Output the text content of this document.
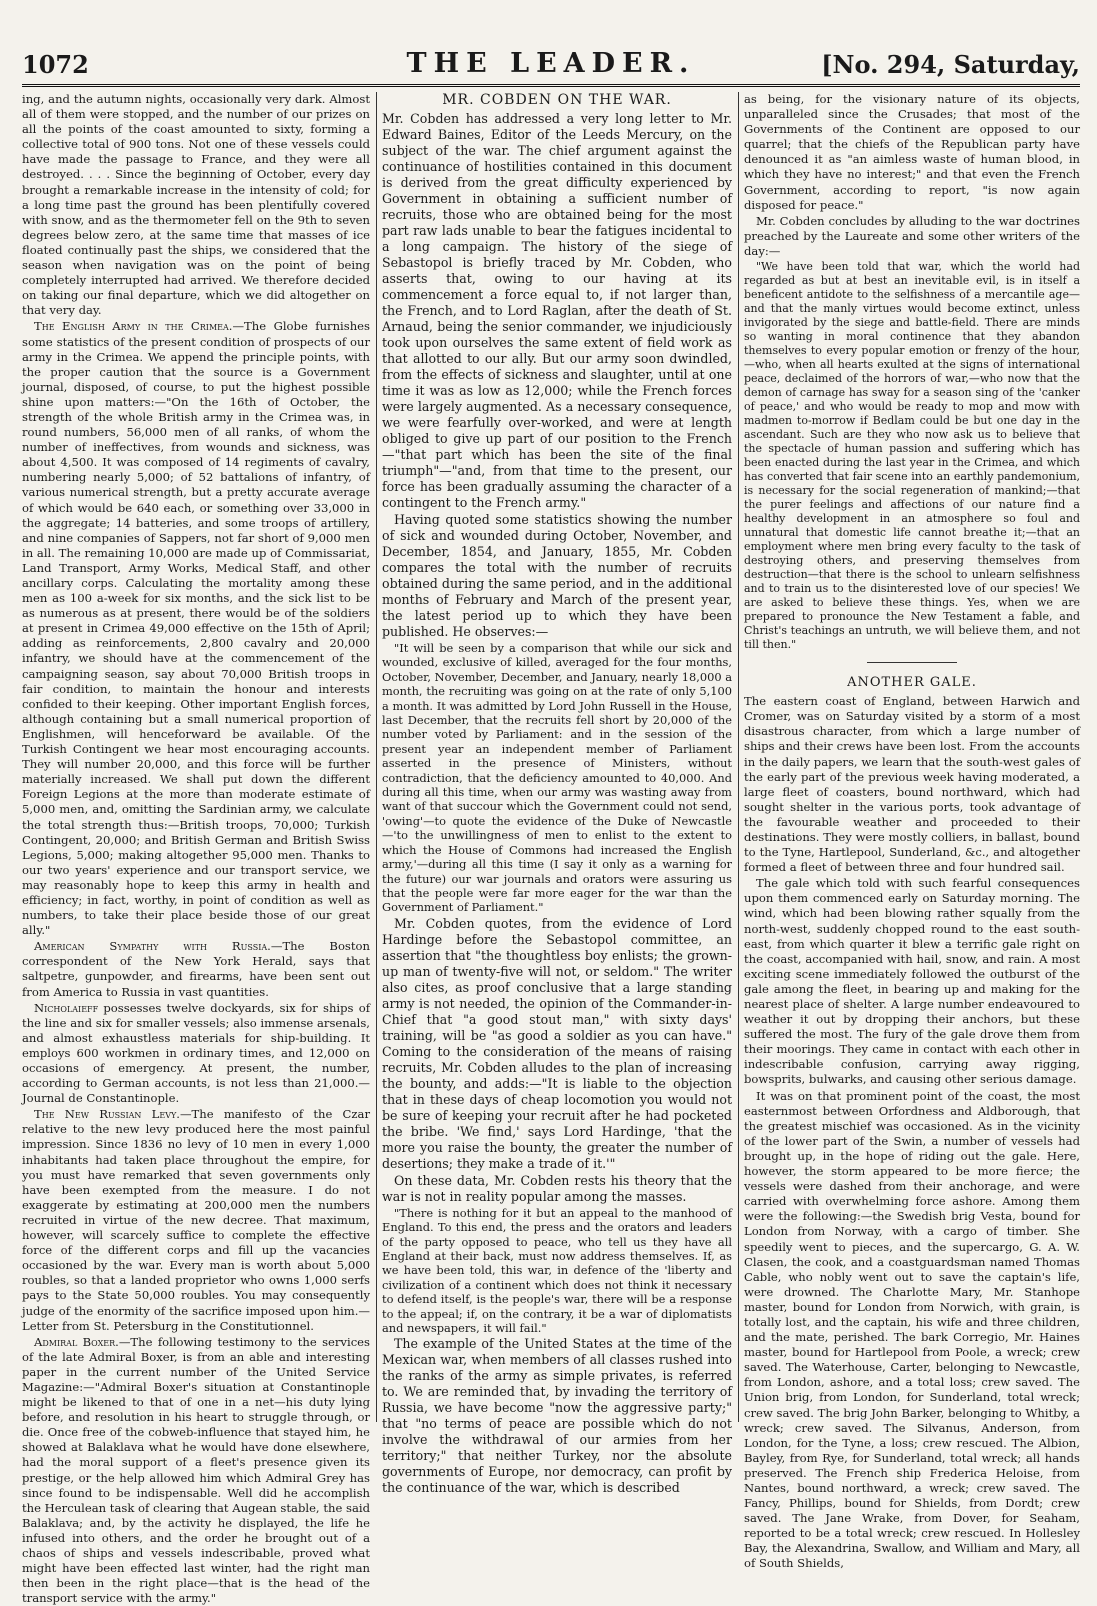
1072	THE LEADER.	[No. 294, Saturday,

ing, and the autumn nights, occasionally very dark. Almost all of them were stopped, and the number of our prizes on all the points of the coast amounted to sixty, forming a collective total of 900 tons. Not one of these vessels could have made the passage to France, and they were all destroyed. . . . Since the beginning of October, every day brought a remarkable increase in the intensity of cold; for a long time past the ground has been plentifully covered with snow, and as the thermometer fell on the 9th to seven degrees below zero, at the same time that masses of ice floated continually past the ships, we considered that the season when navigation was on the point of being completely interrupted had arrived. We therefore decided on taking our final departure, which we did altogether on that very day.

The English Army in the Crimea.—The Globe furnishes some statistics of the present condition of prospects of our army in the Crimea. We append the principle points, with the proper caution that the source is a Government journal, disposed, of course, to put the highest possible shine upon matters:—"On the 16th of October, the strength of the whole British army in the Crimea was, in round numbers, 56,000 men of all ranks, of whom the number of ineffectives, from wounds and sickness, was about 4,500. It was composed of 14 regiments of cavalry, numbering nearly 5,000; of 52 battalions of infantry, of various numerical strength, but a pretty accurate average of which would be 640 each, or something over 33,000 in the aggregate; 14 batteries, and some troops of artillery, and nine companies of Sappers, not far short of 9,000 men in all. The remaining 10,000 are made up of Commissariat, Land Transport, Army Works, Medical Staff, and other ancillary corps. Calculating the mortality among these men as 100 a-week for six months, and the sick list to be as numerous as at present, there would be of the soldiers at present in Crimea 49,000 effective on the 15th of April; adding as reinforcements, 2,800 cavalry and 20,000 infantry, we should have at the commencement of the campaigning season, say about 70,000 British troops in fair condition, to maintain the honour and interests confided to their keeping. Other important English forces, although containing but a small numerical proportion of Englishmen, will henceforward be available. Of the Turkish Contingent we hear most encouraging accounts. They will number 20,000, and this force will be further materially increased. We shall put down the different Foreign Legions at the more than moderate estimate of 5,000 men, and, omitting the Sardinian army, we calculate the total strength thus:—British troops, 70,000; Turkish Contingent, 20,000; and British German and British Swiss Legions, 5,000; making altogether 95,000 men. Thanks to our two years' experience and our transport service, we may reasonably hope to keep this army in health and efficiency; in fact, worthy, in point of condition as well as numbers, to take their place beside those of our great ally."

American Sympathy with Russia.—The Boston correspondent of the New York Herald, says that saltpetre, gunpowder, and firearms, have been sent out from America to Russia in vast quantities.

Nicholaieff possesses twelve dockyards, six for ships of the line and six for smaller vessels; also immense arsenals, and almost exhaustless materials for ship-building. It employs 600 workmen in ordinary times, and 12,000 on occasions of emergency. At present, the number, according to German accounts, is not less than 21,000.—Journal de Constantinople.

The New Russian Levy.—The manifesto of the Czar relative to the new levy produced here the most painful impression. Since 1836 no levy of 10 men in every 1,000 inhabitants had taken place throughout the empire, for you must have remarked that seven governments only have been exempted from the measure. I do not exaggerate by estimating at 200,000 men the numbers recruited in virtue of the new decree. That maximum, however, will scarcely suffice to complete the effective force of the different corps and fill up the vacancies occasioned by the war. Every man is worth about 5,000 roubles, so that a landed proprietor who owns 1,000 serfs pays to the State 50,000 roubles. You may consequently judge of the enormity of the sacrifice imposed upon him.—Letter from St. Petersburg in the Constitutionnel.

Admiral Boxer.—The following testimony to the services of the late Admiral Boxer, is from an able and interesting paper in the current number of the United Service Magazine:—"Admiral Boxer's situation at Constantinople might be likened to that of one in a net—his duty lying before, and resolution in his heart to struggle through, or die. Once free of the cobweb-influence that stayed him, he showed at Balaklava what he would have done elsewhere, had the moral support of a fleet's presence given its prestige, or the help allowed him which Admiral Grey has since found to be indispensable. Well did he accomplish the Herculean task of clearing that Augean stable, the said Balaklava; and, by the activity he displayed, the life he infused into others, and the order he brought out of a chaos of ships and vessels indescribable, proved what might have been effected last winter, had the right man then been in the right place—that is the head of the transport service with the army."

MR. COBDEN ON THE WAR.

Mr. Cobden has addressed a very long letter to Mr. Edward Baines, Editor of the Leeds Mercury, on the subject of the war. The chief argument against the continuance of hostilities contained in this document is derived from the great difficulty experienced by Government in obtaining a sufficient number of recruits, those who are obtained being for the most part raw lads unable to bear the fatigues incidental to a long campaign. The history of the siege of Sebastopol is briefly traced by Mr. Cobden, who asserts that, owing to our having at its commencement a force equal to, if not larger than, the French, and to Lord Raglan, after the death of St. Arnaud, being the senior commander, we injudiciously took upon ourselves the same extent of field work as that allotted to our ally. But our army soon dwindled, from the effects of sickness and slaughter, until at one time it was as low as 12,000; while the French forces were largely augmented. As a necessary consequence, we were fearfully over-worked, and were at length obliged to give up part of our position to the French—"that part which has been the site of the final triumph"—"and, from that time to the present, our force has been gradually assuming the character of a contingent to the French army."

Having quoted some statistics showing the number of sick and wounded during October, November, and December, 1854, and January, 1855, Mr. Cobden compares the total with the number of recruits obtained during the same period, and in the additional months of February and March of the present year, the latest period up to which they have been published. He observes:—

"It will be seen by a comparison that while our sick and wounded, exclusive of killed, averaged for the four months, October, November, December, and January, nearly 18,000 a month, the recruiting was going on at the rate of only 5,100 a month. It was admitted by Lord John Russell in the House, last December, that the recruits fell short by 20,000 of the number voted by Parliament: and in the session of the present year an independent member of Parliament asserted in the presence of Ministers, without contradiction, that the deficiency amounted to 40,000. And during all this time, when our army was wasting away from want of that succour which the Government could not send, 'owing'—to quote the evidence of the Duke of Newcastle—'to the unwillingness of men to enlist to the extent to which the House of Commons had increased the English army,'—during all this time (I say it only as a warning for the future) our war journals and orators were assuring us that the people were far more eager for the war than the Government of Parliament."

Mr. Cobden quotes, from the evidence of Lord Hardinge before the Sebastopol committee, an assertion that "the thoughtless boy enlists; the grown-up man of twenty-five will not, or seldom." The writer also cites, as proof conclusive that a large standing army is not needed, the opinion of the Commander-in-Chief that "a good stout man," with sixty days' training, will be "as good a soldier as you can have." Coming to the consideration of the means of raising recruits, Mr. Cobden alludes to the plan of increasing the bounty, and adds:—"It is liable to the objection that in these days of cheap locomotion you would not be sure of keeping your recruit after he had pocketed the bribe. 'We find,' says Lord Hardinge, 'that the more you raise the bounty, the greater the number of desertions; they make a trade of it.'"

On these data, Mr. Cobden rests his theory that the war is not in reality popular among the masses.

"There is nothing for it but an appeal to the manhood of England. To this end, the press and the orators and leaders of the party opposed to peace, who tell us they have all England at their back, must now address themselves. If, as we have been told, this war, in defence of the 'liberty and civilization of a continent which does not think it necessary to defend itself, is the people's war, there will be a response to the appeal; if, on the contrary, it be a war of diplomatists and newspapers, it will fail."

The example of the United States at the time of the Mexican war, when members of all classes rushed into the ranks of the army as simple privates, is referred to. We are reminded that, by invading the territory of Russia, we have become "now the aggressive party;" that "no terms of peace are possible which do not involve the withdrawal of our armies from her territory;" that neither Turkey, nor the absolute governments of Europe, nor democracy, can profit by the continuance of the war, which is described

as being, for the visionary nature of its objects, unparalleled since the Crusades; that most of the Governments of the Continent are opposed to our quarrel; that the chiefs of the Republican party have denounced it as "an aimless waste of human blood, in which they have no interest;" and that even the French Government, according to report, "is now again disposed for peace."

Mr. Cobden concludes by alluding to the war doctrines preached by the Laureate and some other writers of the day:—

"We have been told that war, which the world had regarded as but at best an inevitable evil, is in itself a beneficent antidote to the selfishness of a mercantile age—and that the manly virtues would become extinct, unless invigorated by the siege and battle-field. There are minds so wanting in moral continence that they abandon themselves to every popular emotion or frenzy of the hour,—who, when all hearts exulted at the signs of international peace, declaimed of the horrors of war,—who now that the demon of carnage has sway for a season sing of the 'canker of peace,' and who would be ready to mop and mow with madmen to-morrow if Bedlam could be but one day in the ascendant. Such are they who now ask us to believe that the spectacle of human passion and suffering which has been enacted during the last year in the Crimea, and which has converted that fair scene into an earthly pandemonium, is necessary for the social regeneration of mankind;—that the purer feelings and affections of our nature find a healthy development in an atmosphere so foul and unnatural that domestic life cannot breathe it;—that an employment where men bring every faculty to the task of destroying others, and preserving themselves from destruction—that there is the school to unlearn selfishness and to train us to the disinterested love of our species! We are asked to believe these things. Yes, when we are prepared to pronounce the New Testament a fable, and Christ's teachings an untruth, we will believe them, and not till then."

ANOTHER GALE.

The eastern coast of England, between Harwich and Cromer, was on Saturday visited by a storm of a most disastrous character, from which a large number of ships and their crews have been lost. From the accounts in the daily papers, we learn that the south-west gales of the early part of the previous week having moderated, a large fleet of coasters, bound northward, which had sought shelter in the various ports, took advantage of the favourable weather and proceeded to their destinations. They were mostly colliers, in ballast, bound to the Tyne, Hartlepool, Sunderland, &c., and altogether formed a fleet of between three and four hundred sail.

The gale which told with such fearful consequences upon them commenced early on Saturday morning. The wind, which had been blowing rather squally from the north-west, suddenly chopped round to the east south-east, from which quarter it blew a terrific gale right on the coast, accompanied with hail, snow, and rain. A most exciting scene immediately followed the outburst of the gale among the fleet, in bearing up and making for the nearest place of shelter. A large number endeavoured to weather it out by dropping their anchors, but these suffered the most. The fury of the gale drove them from their moorings. They came in contact with each other in indescribable confusion, carrying away rigging, bowsprits, bulwarks, and causing other serious damage.

It was on that prominent point of the coast, the most easternmost between Orfordness and Aldborough, that the greatest mischief was occasioned. As in the vicinity of the lower part of the Swin, a number of vessels had brought up, in the hope of riding out the gale. Here, however, the storm appeared to be more fierce; the vessels were dashed from their anchorage, and were carried with overwhelming force ashore. Among them were the following:—the Swedish brig Vesta, bound for London from Norway, with a cargo of timber. She speedily went to pieces, and the supercargo, G. A. W. Clasen, the cook, and a coastguardsman named Thomas Cable, who nobly went out to save the captain's life, were drowned. The Charlotte Mary, Mr. Stanhope master, bound for London from Norwich, with grain, is totally lost, and the captain, his wife and three children, and the mate, perished. The bark Corregio, Mr. Haines master, bound for Hartlepool from Poole, a wreck; crew saved. The Waterhouse, Carter, belonging to Newcastle, from London, ashore, and a total loss; crew saved. The Union brig, from London, for Sunderland, total wreck; crew saved. The brig John Barker, belonging to Whitby, a wreck; crew saved. The Silvanus, Anderson, from London, for the Tyne, a loss; crew rescued. The Albion, Bayley, from Rye, for Sunderland, total wreck; all hands preserved. The French ship Frederica Heloise, from Nantes, bound northward, a wreck; crew saved. The Fancy, Phillips, bound for Shields, from Dordt; crew saved. The Jane Wrake, from Dover, for Seaham, reported to be a total wreck; crew rescued. In Hollesley Bay, the Alexandrina, Swallow, and William and Mary, all of South Shields,
